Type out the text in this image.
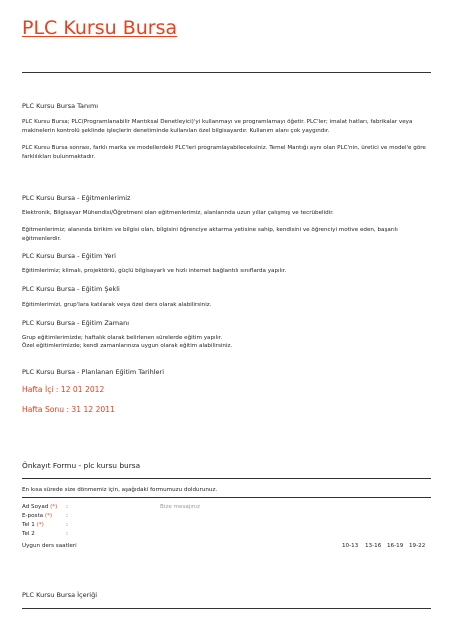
PLC Kursu Bursa
PLC Kursu Bursa Tanımı
PLC Kursu Bursa; PLC(Programlanabilir Mantıksal Denetleyici)'yi kullanmayı ve programlamayı öğetir. PLC'ler; imalat hatları, fabrikalar veya makinelerin kontrolü şeklinde işleçlerin denetiminde kullanılan özel bilgisayardır. Kullanım alanı çok yaygındır.
PLC Kursu Bursa sonrası, farklı marka ve modellerdeki PLC'leri programlayabileceksiniz. Temel Mantığı aynı olan PLC'nin, üretici ve model'e göre farklılıkları bulunmaktadır.
PLC Kursu Bursa - Eğitmenlerimiz
Elektronik, Bilgisayar Mühendisi/Öğretmeni olan eğitmenlerimiz, alanlarında uzun yıllar çalışmış ve tecrübelidir.
Eğitmenlerimiz; alanında birikim ve bilgisi olan, bilgisini öğrenciye aktarma yetisine sahip, kendisini ve öğrenciyi motive eden, başarılı eğitmenlerdir.
PLC Kursu Bursa - Eğitim Yeri
Eğitimlerimiz; klimalı, projektörlü, güçlü bilgisayarlı ve hızlı internet bağlantılı sınıflarda yapılır.
PLC Kursu Bursa - Eğitim Şekli
Eğitimlerimizi, grup'lara katılarak veya özel ders olarak alabilirsiniz.
PLC Kursu Bursa - Eğitim Zamanı
Grup eğitimlerimizde; haftalık olarak belirlenen sürelerde eğitim yapılır.
Özel eğitimlerimizde; kendi zamanlarınıza uygun olarak eğitim alabilirsiniz.
PLC Kursu Bursa - Planlanan Eğitim Tarihleri
Hafta İçi : 12 01 2012
Hafta Sonu : 31 12 2011
Önkayıt Formu - plc kursu bursa
En kısa sürede size dönmemiz için, aşağıdaki formumuzu doldurunuz.
Ad Soyad (*) :
E-posta (*) :
Tel 1 (*)	:
Tel 2	:
Bize mesajınız
Uygun ders saatleri	10-13 13-16 16-19 19-22
PLC Kursu Bursa İçeriği
